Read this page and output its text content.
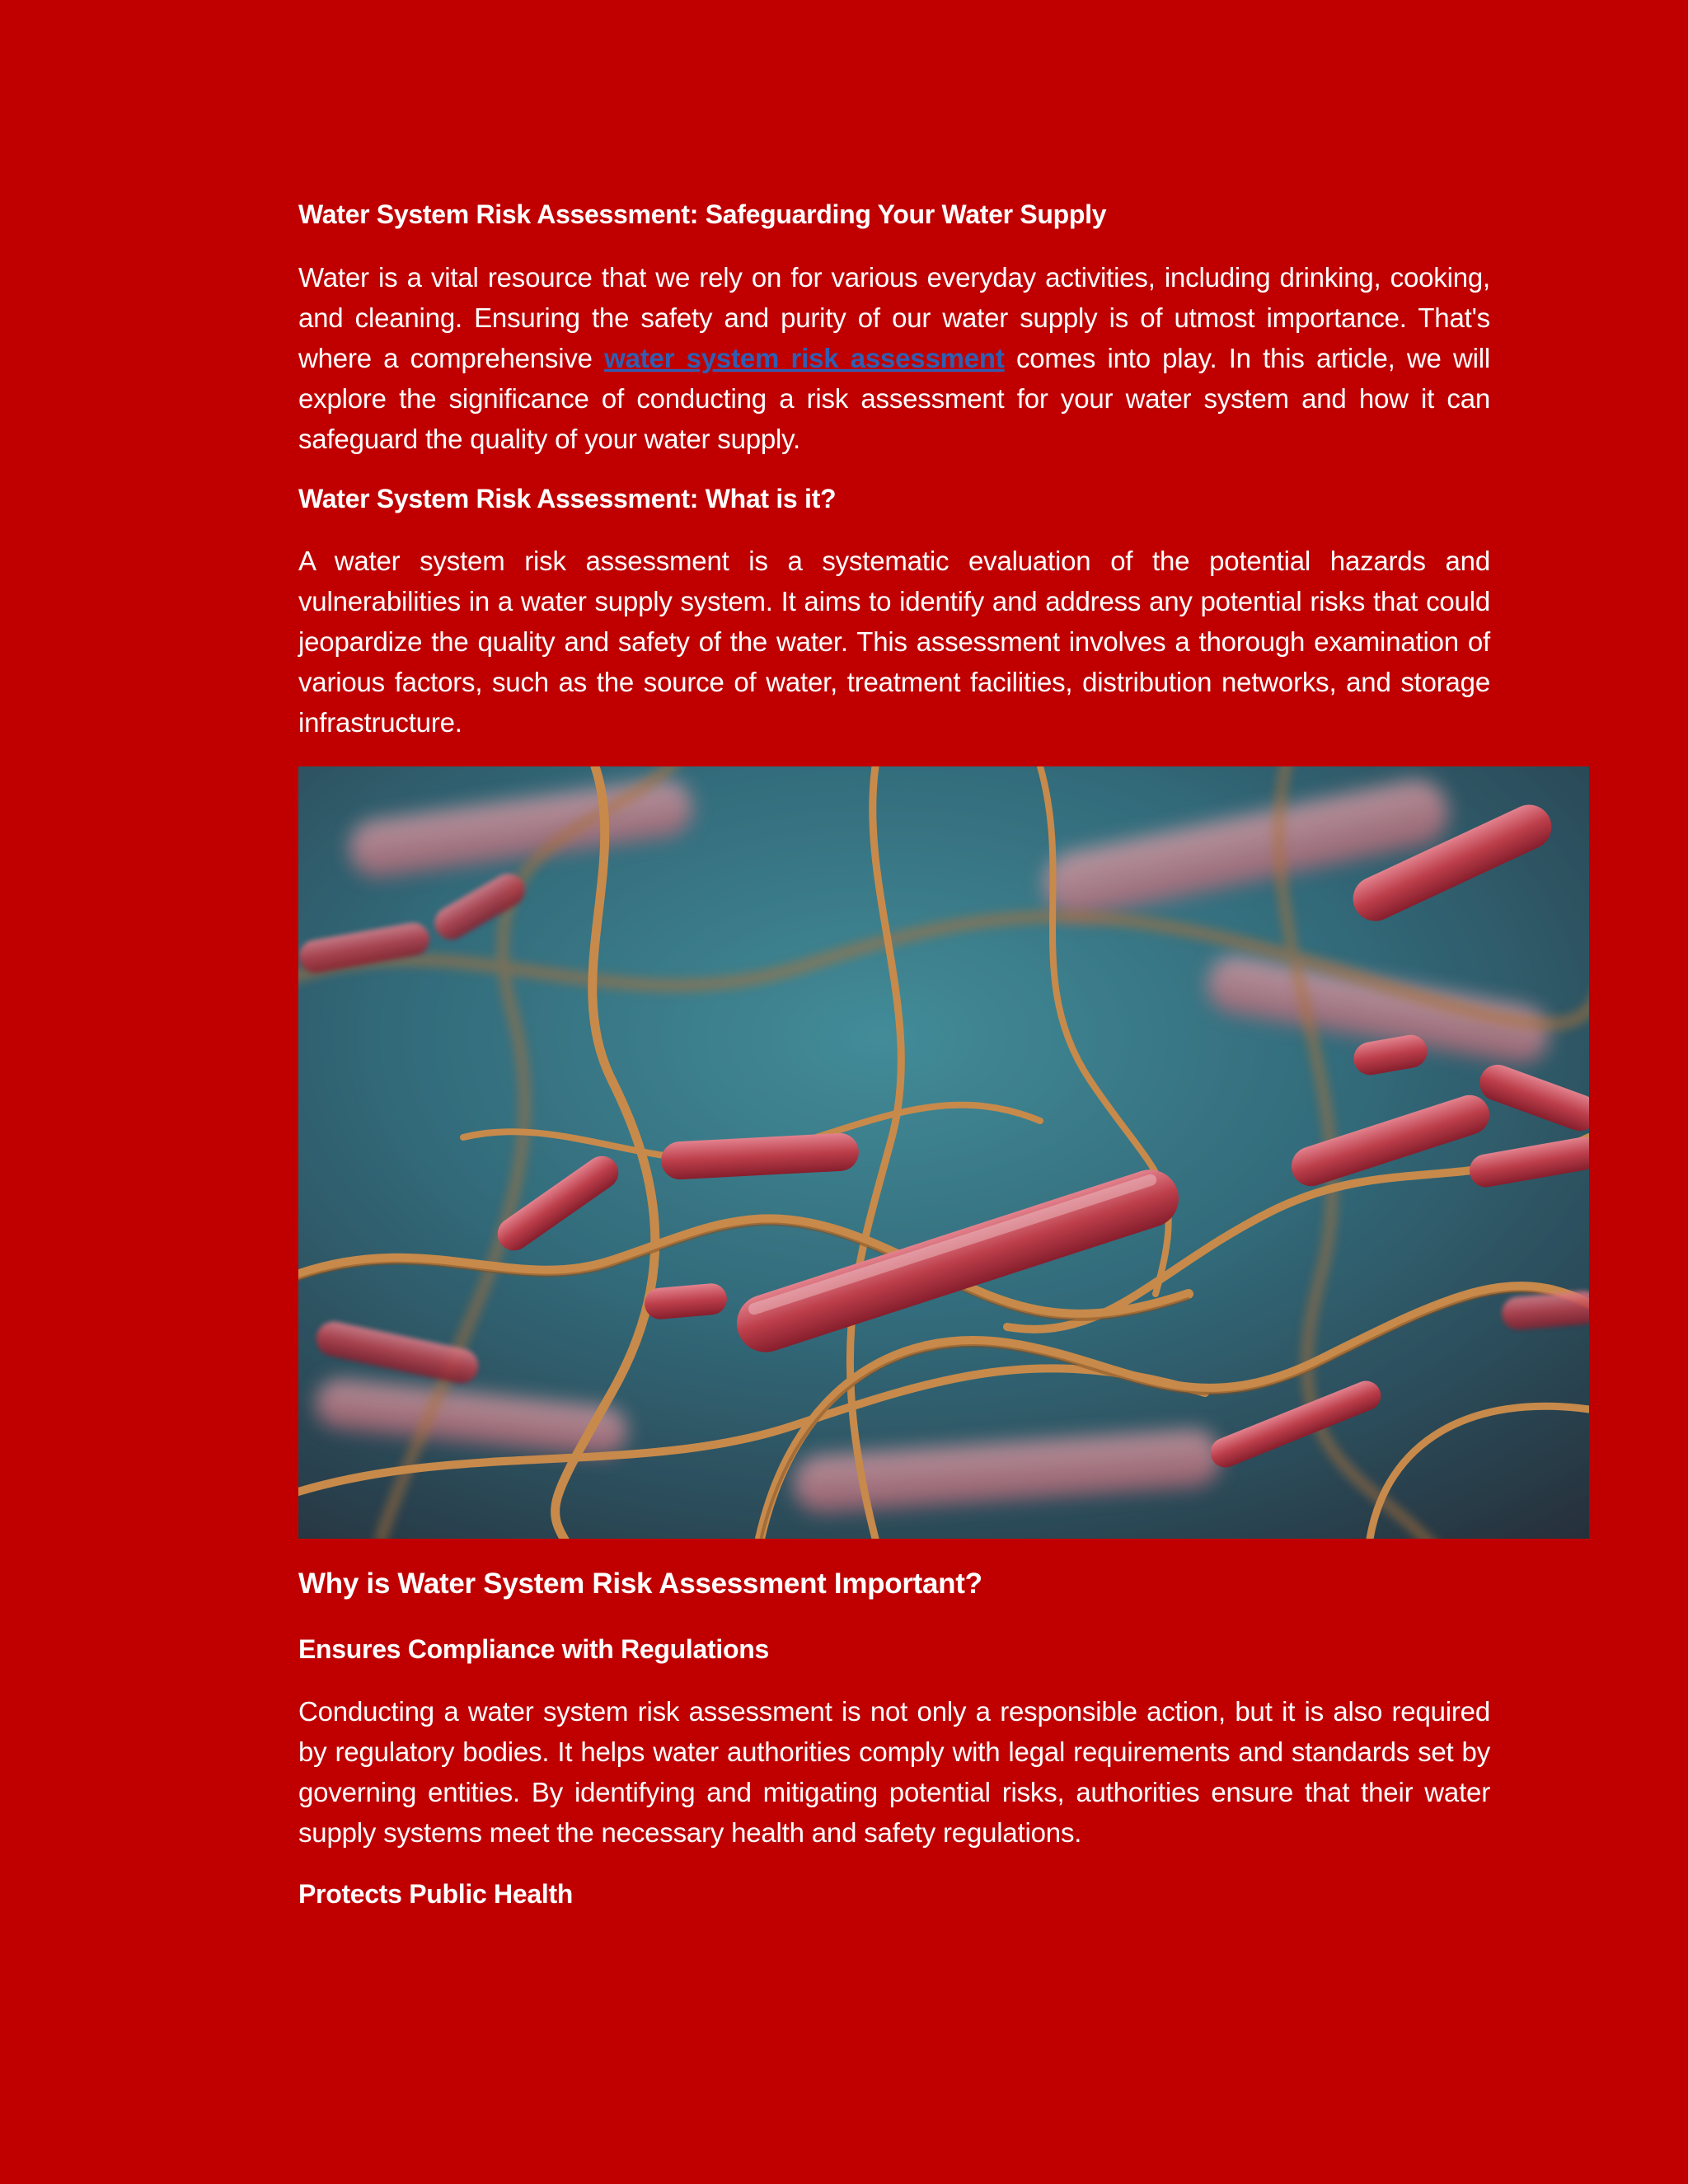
Water System Risk Assessment: Safeguarding Your Water Supply

Water is a vital resource that we rely on for various everyday activities, including drinking, cooking, and cleaning. Ensuring the safety and purity of our water supply is of utmost importance. That's where a comprehensive water system risk assessment comes into play. In this article, we will explore the significance of conducting a risk assessment for your water system and how it can safeguard the quality of your water supply.

Water System Risk Assessment: What is it?

A water system risk assessment is a systematic evaluation of the potential hazards and vulnerabilities in a water supply system. It aims to identify and address any potential risks that could jeopardize the quality and safety of the water. This assessment involves a thorough examination of various factors, such as the source of water, treatment facilities, distribution networks, and storage infrastructure.

Why is Water System Risk Assessment Important?
Ensures Compliance with Regulations

Conducting a water system risk assessment is not only a responsible action, but it is also required by regulatory bodies. It helps water authorities comply with legal requirements and standards set by governing entities. By identifying and mitigating potential risks, authorities ensure that their water supply systems meet the necessary health and safety regulations.

Protects Public Health
